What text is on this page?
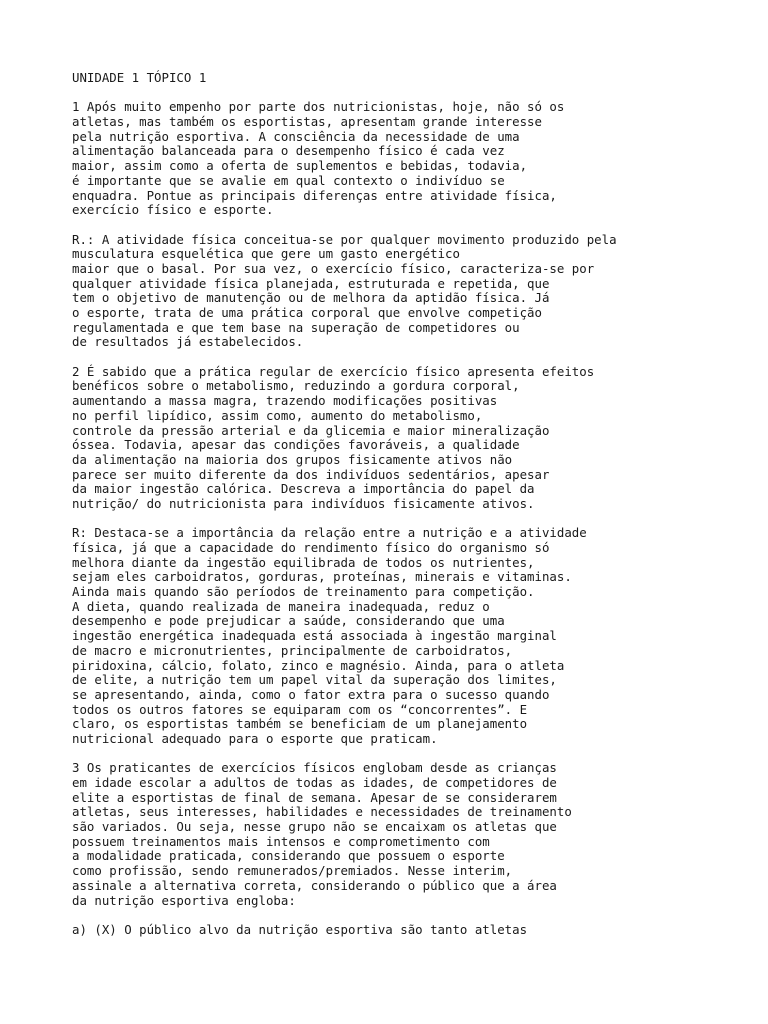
UNIDADE 1 TÓPICO 1
1 Após muito empenho por parte dos nutricionistas, hoje, não só os
atletas, mas também os esportistas, apresentam grande interesse
pela nutrição esportiva. A consciência da necessidade de uma
alimentação balanceada para o desempenho físico é cada vez
maior, assim como a oferta de suplementos e bebidas, todavia,
é importante que se avalie em qual contexto o indivíduo se
enquadra. Pontue as principais diferenças entre atividade física,
exercício físico e esporte.
R.: A atividade física conceitua-se por qualquer movimento produzido pela
musculatura esquelética que gere um gasto energético
maior que o basal. Por sua vez, o exercício físico, caracteriza-se por
qualquer atividade física planejada, estruturada e repetida, que
tem o objetivo de manutenção ou de melhora da aptidão física. Já
o esporte, trata de uma prática corporal que envolve competição
regulamentada e que tem base na superação de competidores ou
de resultados já estabelecidos.
2 É sabido que a prática regular de exercício físico apresenta efeitos
benéficos sobre o metabolismo, reduzindo a gordura corporal,
aumentando a massa magra, trazendo modificações positivas
no perfil lipídico, assim como, aumento do metabolismo,
controle da pressão arterial e da glicemia e maior mineralização
óssea. Todavia, apesar das condições favoráveis, a qualidade
da alimentação na maioria dos grupos fisicamente ativos não
parece ser muito diferente da dos indivíduos sedentários, apesar
da maior ingestão calórica. Descreva a importância do papel da
nutrição/ do nutricionista para indivíduos fisicamente ativos.
R: Destaca-se a importância da relação entre a nutrição e a atividade
física, já que a capacidade do rendimento físico do organismo só
melhora diante da ingestão equilibrada de todos os nutrientes,
sejam eles carboidratos, gorduras, proteínas, minerais e vitaminas.
Ainda mais quando são períodos de treinamento para competição.
A dieta, quando realizada de maneira inadequada, reduz o
desempenho e pode prejudicar a saúde, considerando que uma
ingestão energética inadequada está associada à ingestão marginal
de macro e micronutrientes, principalmente de carboidratos,
piridoxina, cálcio, folato, zinco e magnésio. Ainda, para o atleta
de elite, a nutrição tem um papel vital da superação dos limites,
se apresentando, ainda, como o fator extra para o sucesso quando
todos os outros fatores se equiparam com os “concorrentes”. E
claro, os esportistas também se beneficiam de um planejamento
nutricional adequado para o esporte que praticam.
3 Os praticantes de exercícios físicos englobam desde as crianças
em idade escolar a adultos de todas as idades, de competidores de
elite a esportistas de final de semana. Apesar de se considerarem
atletas, seus interesses, habilidades e necessidades de treinamento
são variados. Ou seja, nesse grupo não se encaixam os atletas que
possuem treinamentos mais intensos e comprometimento com
a modalidade praticada, considerando que possuem o esporte
como profissão, sendo remunerados/premiados. Nesse interim,
assinale a alternativa correta, considerando o público que a área
da nutrição esportiva engloba:
a) (X) O público alvo da nutrição esportiva são tanto atletas
